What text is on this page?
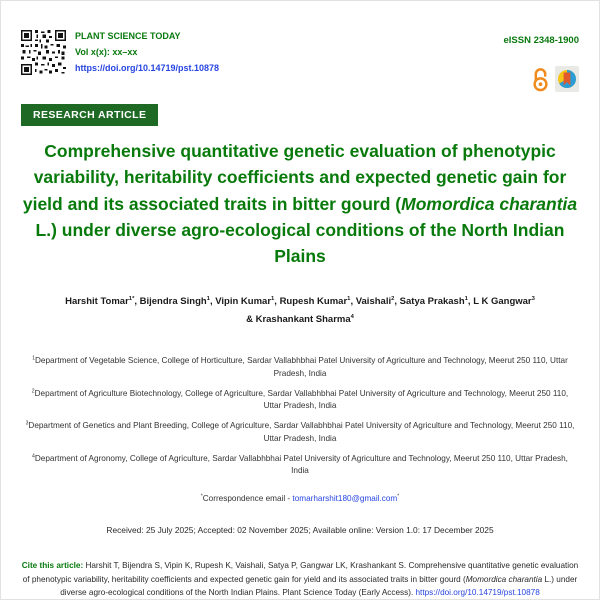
PLANT SCIENCE TODAY
Vol x(x): xx–xx
https://doi.org/10.14719/pst.10878
eISSN 2348-1900
RESEARCH ARTICLE
Comprehensive quantitative genetic evaluation of phenotypic variability, heritability coefficients and expected genetic gain for yield and its associated traits in bitter gourd (Momordica charantia L.) under diverse agro-ecological conditions of the North Indian Plains

Harshit Tomar$^{1*}$, Bijendra Singh$^1$, Vipin Kumar$^1$, Rupesh Kumar$^1$, Vaishali$^2$, Satya Prakash$^1$, L K Gangwar$^3$ & Krashankant Sharma$^4$

$^1$Department of Vegetable Science, College of Horticulture, Sardar Vallabhbhai Patel University of Agriculture and Technology, Meerut 250 110, Uttar Pradesh, India

$^2$Department of Agriculture Biotechnology, College of Agriculture, Sardar Vallabhbhai Patel University of Agriculture and Technology, Meerut 250 110, Uttar Pradesh, India

$^3$Department of Genetics and Plant Breeding, College of Agriculture, Sardar Vallabhbhai Patel University of Agriculture and Technology, Meerut 250 110, Uttar Pradesh, India

$^4$Department of Agronomy, College of Agriculture, Sardar Vallabhbhai Patel University of Agriculture and Technology, Meerut 250 110, Uttar Pradesh, India

*Correspondence email - tomarharshit180@gmail.com*

Received: 25 July 2025; Accepted: 02 November 2025; Available online: Version 1.0: 17 December 2025

Cite this article: Harshit T, Bijendra S, Vipin K, Rupesh K, Vaishali, Satya P, Gangwar LK, Krashankant S. Comprehensive quantitative genetic evaluation of phenotypic variability, heritability coefficients and expected genetic gain for yield and its associated traits in bitter gourd (Momordica charantia L.) under diverse agro-ecological conditions of the North Indian Plains. Plant Science Today (Early Access). https://doi.org/10.14719/pst.10878
